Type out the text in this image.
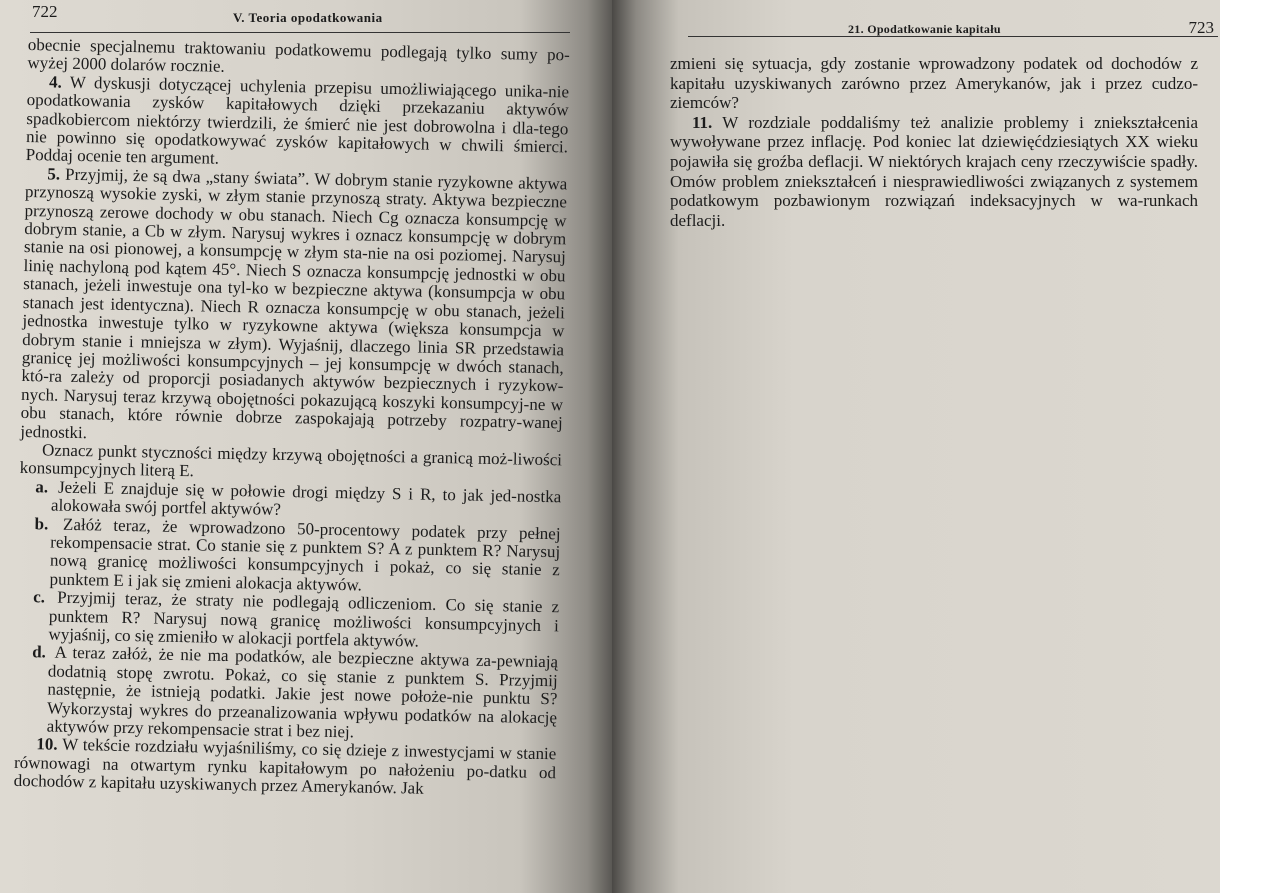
722	V. Teoria opodatkowania

obecnie specjalnemu traktowaniu podatkowemu podlegają tylko sumy po-wyżej 2000 dolarów rocznie.

4. W dyskusji dotyczącej uchylenia przepisu umożliwiającego unika-nie opodatkowania zysków kapitałowych dzięki przekazaniu aktywów spadkobiercom niektórzy twierdzili, że śmierć nie jest dobrowolna i dla-tego nie powinno się opodatkowywać zysków kapitałowych w chwili śmierci. Poddaj ocenie ten argument.

5. Przyjmij, że są dwa „stany świata”. W dobrym stanie ryzykowne aktywa przynoszą wysokie zyski, w złym stanie przynoszą straty. Aktywa bezpieczne przynoszą zerowe dochody w obu stanach. Niech Cg oznacza konsumpcję w dobrym stanie, a Cb w złym. Narysuj wykres i oznacz konsumpcję w dobrym stanie na osi pionowej, a konsumpcję w złym sta-nie na osi poziomej. Narysuj linię nachyloną pod kątem 45°. Niech S oznacza konsumpcję jednostki w obu stanach, jeżeli inwestuje ona tyl-ko w bezpieczne aktywa (konsumpcja w obu stanach jest identyczna). Niech R oznacza konsumpcję w obu stanach, jeżeli jednostka inwestuje tylko w ryzykowne aktywa (większa konsumpcja w dobrym stanie i mniejsza w złym). Wyjaśnij, dlaczego linia SR przedstawia granicę jej możliwości konsumpcyjnych – jej konsumpcję w dwóch stanach, któ-ra zależy od proporcji posiadanych aktywów bezpiecznych i ryzykow-nych. Narysuj teraz krzywą obojętności pokazującą koszyki konsumpcyj-ne w obu stanach, które równie dobrze zaspokajają potrzeby rozpatry-wanej jednostki.

Oznacz punkt styczności między krzywą obojętności a granicą moż-liwości konsumpcyjnych literą E.

a. Jeżeli E znajduje się w połowie drogi między S i R, to jak jed-nostka alokowała swój portfel aktywów?

b. Załóż teraz, że wprowadzono 50-procentowy podatek przy pełnej rekompensacie strat. Co stanie się z punktem S? A z punktem R? Narysuj nową granicę możliwości konsumpcyjnych i pokaż, co się stanie z punktem E i jak się zmieni alokacja aktywów.

c. Przyjmij teraz, że straty nie podlegają odliczeniom. Co się stanie z punktem R? Narysuj nową granicę możliwości konsumpcyjnych i wyjaśnij, co się zmieniło w alokacji portfela aktywów.

d. A teraz załóż, że nie ma podatków, ale bezpieczne aktywa za-pewniają dodatnią stopę zwrotu. Pokaż, co się stanie z punktem S. Przyjmij następnie, że istnieją podatki. Jakie jest nowe położe-nie punktu S? Wykorzystaj wykres do przeanalizowania wpływu podatków na alokację aktywów przy rekompensacie strat i bez niej.

10. W tekście rozdziału wyjaśniliśmy, co się dzieje z inwestycjami w stanie równowagi na otwartym rynku kapitałowym po nałożeniu po-datku od dochodów z kapitału uzyskiwanych przez Amerykanów. Jak

21. Opodatkowanie kapitału	723

zmieni się sytuacja, gdy zostanie wprowadzony podatek od dochodów z kapitału uzyskiwanych zarówno przez Amerykanów, jak i przez cudzo-ziemców?

11. W rozdziale poddaliśmy też analizie problemy i zniekształcenia wywoływane przez inflację. Pod koniec lat dziewięćdziesiątych XX wieku pojawiła się groźba deflacji. W niektórych krajach ceny rzeczywiście spadły. Omów problem zniekształceń i niesprawiedliwości związanych z systemem podatkowym pozbawionym rozwiązań indeksacyjnych w wa-runkach deflacji.
